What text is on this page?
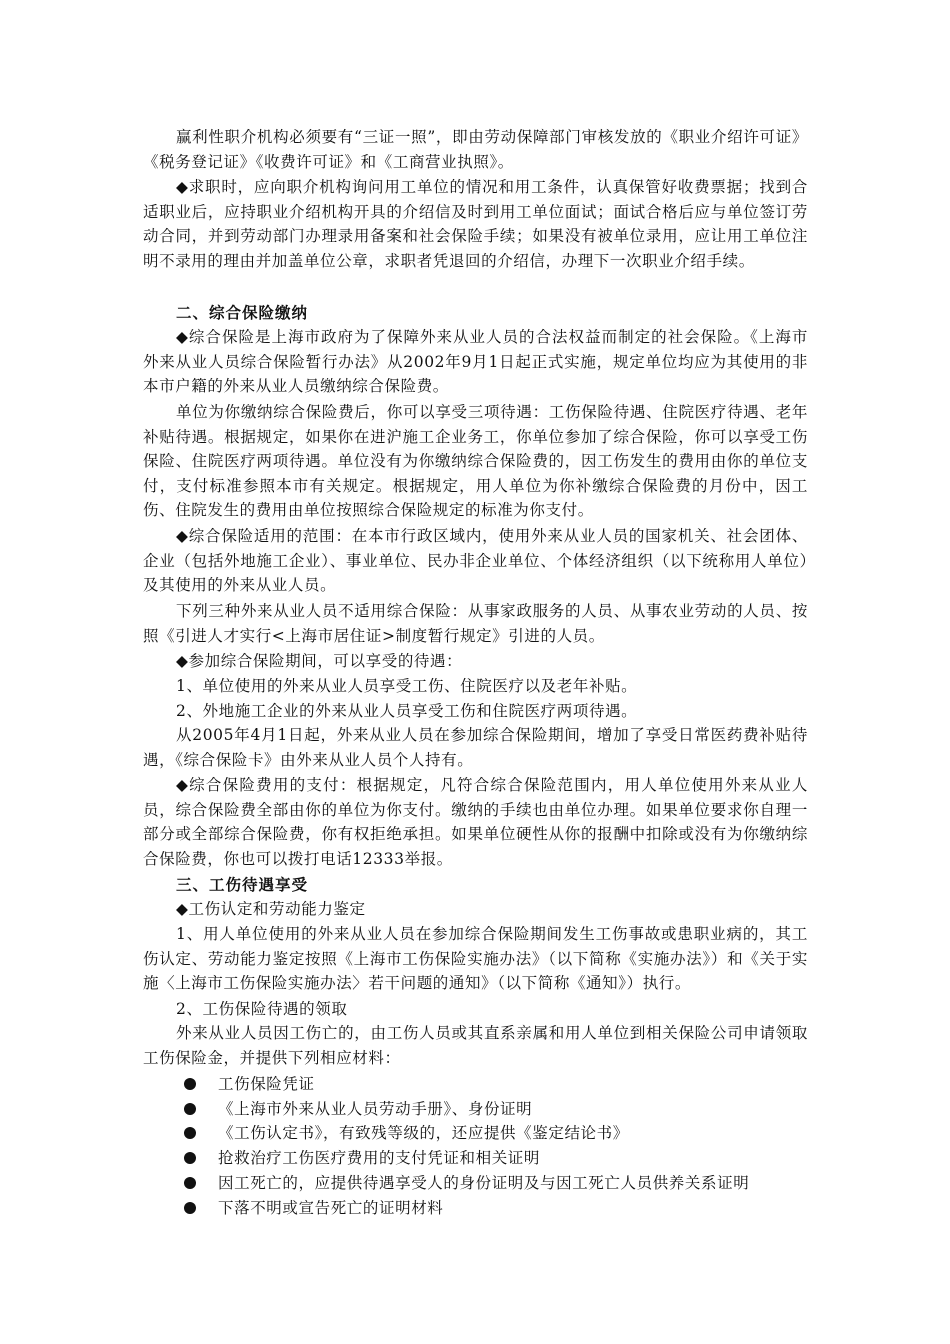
赢利性职介机构必须要有“三证一照”，即由劳动保障部门审核发放的《职业介绍许可证》《税务登记证》《收费许可证》和《工商营业执照》。

◆求职时，应向职介机构询问用工单位的情况和用工条件，认真保管好收费票据；找到合适职业后，应持职业介绍机构开具的介绍信及时到用工单位面试；面试合格后应与单位签订劳动合同，并到劳动部门办理录用备案和社会保险手续；如果没有被单位录用，应让用工单位注明不录用的理由并加盖单位公章，求职者凭退回的介绍信，办理下一次职业介绍手续。

二、综合保险缴纳

◆综合保险是上海市政府为了保障外来从业人员的合法权益而制定的社会保险。《上海市外来从业人员综合保险暂行办法》从2002年9月1日起正式实施，规定单位均应为其使用的非本市户籍的外来从业人员缴纳综合保险费。

单位为你缴纳综合保险费后，你可以享受三项待遇：工伤保险待遇、住院医疗待遇、老年补贴待遇。根据规定，如果你在进沪施工企业务工，你单位参加了综合保险，你可以享受工伤保险、住院医疗两项待遇。单位没有为你缴纳综合保险费的，因工伤发生的费用由你的单位支付，支付标准参照本市有关规定。根据规定，用人单位为你补缴综合保险费的月份中，因工伤、住院发生的费用由单位按照综合保险规定的标准为你支付。

◆综合保险适用的范围：在本市行政区域内，使用外来从业人员的国家机关、社会团体、企业（包括外地施工企业）、事业单位、民办非企业单位、个体经济组织（以下统称用人单位）及其使用的外来从业人员。

下列三种外来从业人员不适用综合保险：从事家政服务的人员、从事农业劳动的人员、按照《引进人才实行<上海市居住证>制度暂行规定》引进的人员。

◆参加综合保险期间，可以享受的待遇：

1、单位使用的外来从业人员享受工伤、住院医疗以及老年补贴。

2、外地施工企业的外来从业人员享受工伤和住院医疗两项待遇。

从2005年4月1日起，外来从业人员在参加综合保险期间，增加了享受日常医药费补贴待遇，《综合保险卡》由外来从业人员个人持有。

◆综合保险费用的支付：根据规定，凡符合综合保险范围内，用人单位使用外来从业人员，综合保险费全部由你的单位为你支付。缴纳的手续也由单位办理。如果单位要求你自理一部分或全部综合保险费，你有权拒绝承担。如果单位硬性从你的报酬中扣除或没有为你缴纳综合保险费，你也可以拨打电话12333举报。

三、工伤待遇享受

◆工伤认定和劳动能力鉴定

1、用人单位使用的外来从业人员在参加综合保险期间发生工伤事故或患职业病的，其工伤认定、劳动能力鉴定按照《上海市工伤保险实施办法》（以下简称《实施办法》）和《关于实施〈上海市工伤保险实施办法〉若干问题的通知》（以下简称《通知》）执行。

2、工伤保险待遇的领取

外来从业人员因工伤亡的，由工伤人员或其直系亲属和用人单位到相关保险公司申请领取工伤保险金，并提供下列相应材料：

工伤保险凭证

《上海市外来从业人员劳动手册》、身份证明

《工伤认定书》，有致残等级的，还应提供《鉴定结论书》

抢救治疗工伤医疗费用的支付凭证和相关证明

因工死亡的，应提供待遇享受人的身份证明及与因工死亡人员供养关系证明

下落不明或宣告死亡的证明材料
